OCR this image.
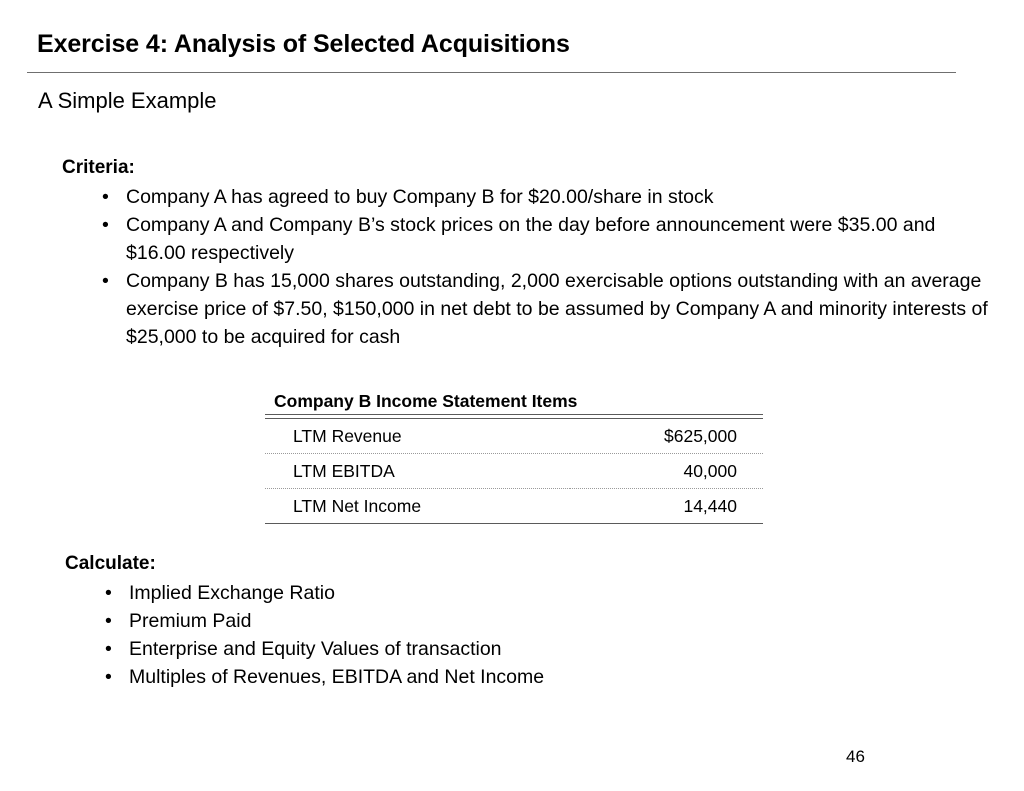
Exercise 4: Analysis of Selected Acquisitions
A Simple Example
Criteria:
• Company A has agreed to buy Company B for $20.00/share in stock
• Company A and Company B’s stock prices on the day before announcement were $35.00 and $16.00 respectively
• Company B has 15,000 shares outstanding, 2,000 exercisable options outstanding with an average exercise price of $7.50, $150,000 in net debt to be assumed by Company A and minority interests of $25,000 to be acquired for cash
Company B Income Statement Items
LTM Revenue	$625,000
LTM EBITDA	40,000
LTM Net Income	14,440
Calculate:
• Implied Exchange Ratio
• Premium Paid
• Enterprise and Equity Values of transaction
• Multiples of Revenues, EBITDA and Net Income
46
